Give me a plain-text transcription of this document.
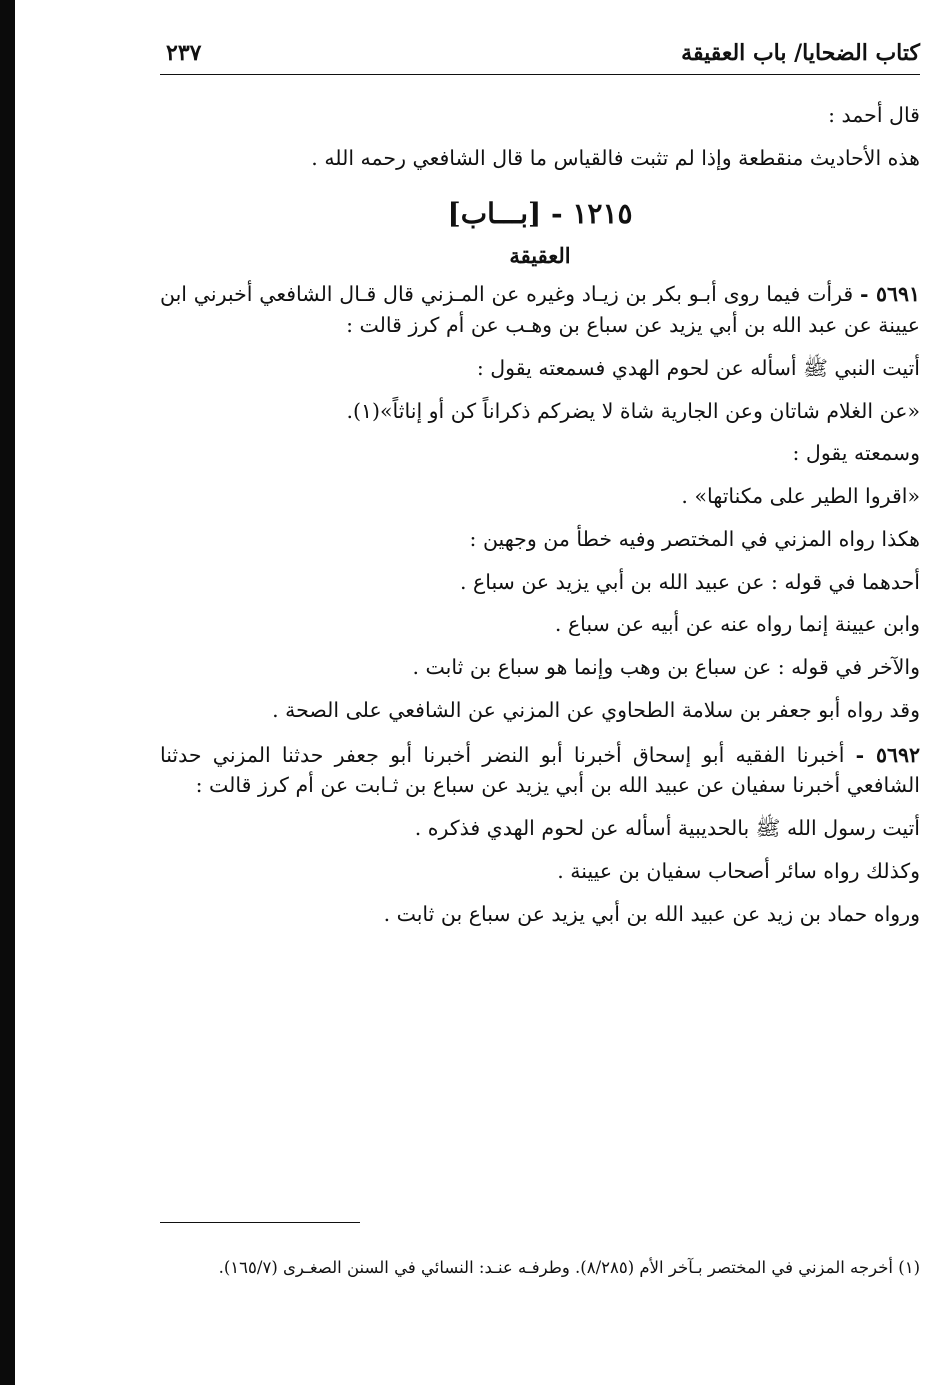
كتاب الضحايا/ باب العقيقة
٢٣٧

قال أحمد :

هذه الأحاديث منقطعة وإذا لم تثبت فالقياس ما قال الشافعي رحمه الله .

١٢١٥ - [بـــاب]
العقيقة

٥٦٩١ - قرأت فيما روى أبـو بكر بن زيـاد وغيره عن المـزني قال قـال الشافعي أخبرني ابن عيينة عن عبد الله بن أبي يزيد عن سباع بن وهـب عن أم كرز قالت :

أتيت النبي ﷺ أسأله عن لحوم الهدي فسمعته يقول :

«عن الغلام شاتان وعن الجارية شاة لا يضركم ذكراناً كن أو إناثاً»(١).

وسمعته يقول :

«اقروا الطير على مكناتها» .

هكذا رواه المزني في المختصر وفيه خطأ من وجهين :

أحدهما في قوله : عن عبيد الله بن أبي يزيد عن سباع .

وابن عيينة إنما رواه عنه عن أبيه عن سباع .

والآخر في قوله : عن سباع بن وهب وإنما هو سباع بن ثابت .

وقد رواه أبو جعفر بن سلامة الطحاوي عن المزني عن الشافعي على الصحة .

٥٦٩٢ - أخبرنا الفقيه أبو إسحاق أخبرنا أبو النضر أخبرنا أبو جعفر حدثنا المزني حدثنا الشافعي أخبرنا سفيان عن عبيد الله بن أبي يزيد عن سباع بن ثـابت عن أم كرز قالت :

أتيت رسول الله ﷺ بالحديبية أسأله عن لحوم الهدي فذكره .

وكذلك رواه سائر أصحاب سفيان بن عيينة .

ورواه حماد بن زيد عن عبيد الله بن أبي يزيد عن سباع بن ثابت .

(١) أخرجه المزني في المختصر بـآخر الأم (٨/٢٨٥). وطرفـه عنـد: النسائي في السنن الصغـرى (١٦٥/٧).
